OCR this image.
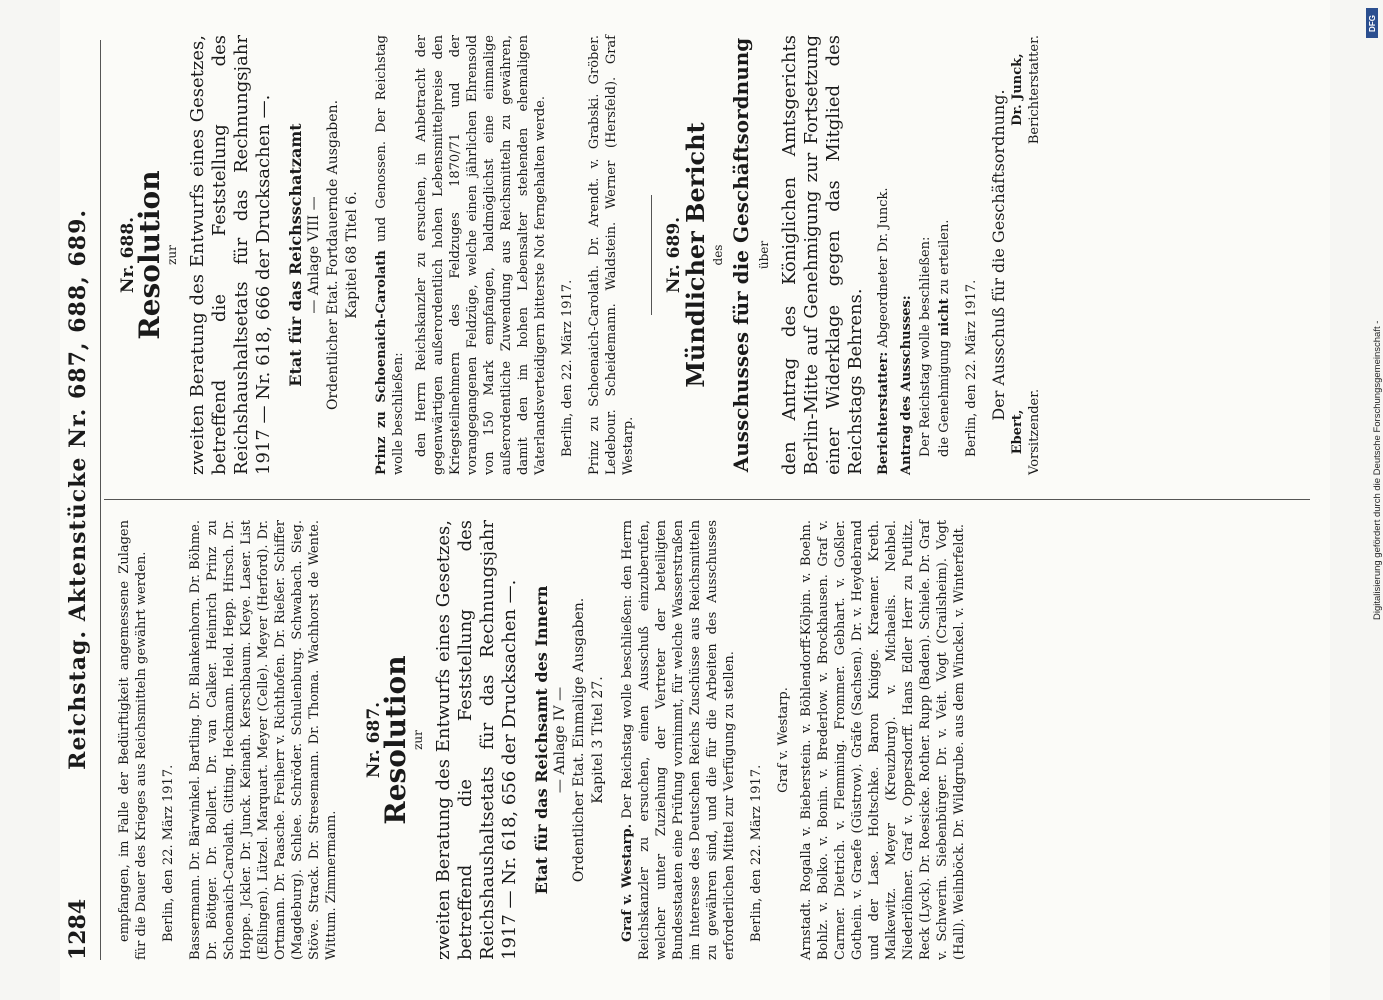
1284
Reichstag. Aktenstücke Nr. 687, 688, 689. empfangen, im Falle der Bedürftigkeit angemessene Zulagen für die Dauer des Krieges aus Reichsmitteln gewährt werden. Berlin, den 22. März 1917. Bassermann. Dr. Bärwinkel. Bartling. Dr. Blankenhorn. Dr. Böhme. Dr. Böttger. Dr. Bollert. Dr. van Calker. Heinrich Prinz zu Schoenaich-Carolath. Gitting. Heckmann. Held. Hepp. Hirsch. Dr. Hoppe. Jckler. Dr. Junck. Keinath. Kerschbaum. Kleye. Laser. List (Eßlingen). Lützel. Marquart. Meyer (Celle). Meyer (Herford). Dr. Ortmann. Dr. Paasche. Freiherr v. Richthofen. Dr. Rießer. Schiffer (Magdeburg). Schlee. Schröder. Schulenburg. Schwabach. Sieg. Stöve. Strack. Dr. Stresemann. Dr. Thoma. Wachhorst de Wente. Wittum. Zimmermann.

Nr. 687.
Resolution zur zweiten Beratung des Entwurfs eines Gesetzes, betreffend die Feststellung des Reichshaushaltsetats für das Rechnungsjahr 1917 — Nr. 618, 656 der Drucksachen —. Etat für das Reichsamt des Innern — Anlage IV — Ordentlicher Etat. Einmalige Ausgaben. Kapitel 3 Titel 27.

Graf v. Westarp. Der Reichstag wolle beschließen: den Herrn Reichskanzler zu ersuchen, einen Ausschuß einzuberufen, welcher unter Zuziehung der Vertreter der beteiligten Bundesstaaten eine Prüfung vornimmt, für welche Wasserstraßen im Interesse des Deutschen Reichs Zuschüsse aus Reichsmitteln zu gewähren sind, und die für die Arbeiten des Ausschusses erforderlichen Mittel zur Verfügung zu stellen. Berlin, den 22. März 1917.

Graf v. Westarp. Arnstadt. Rogalla v. Bieberstein. v. Böhlendorff-Kölpin. v. Boehn. Bohlz. v. Bolko. v. Bonin. v. Brederlow. v. Brockhausen. Graf v. Carmer. Dietrich. v. Flemming. Frommer. Gebhart. v. Goßler. Gothein. v. Graefe (Güstrow). Gräfe (Sachsen). Dr. v. Heydebrand und der Lase. Holtschke. Baron Knigge. Kraemer. Kreth. Malkewitz. Meyer (Kreuzburg). v. Michaelis. Nehbel. Niederlöhner. Graf v. Oppersdorff. Hans Edler Herr zu Putlitz. Reck (Lyck). Dr. Roesicke. Rother. Rupp (Baden). Schiele. Dr. Graf v. Schwerin. Siebenbürger. Dr. v. Veit. Vogt (Crailsheim). Vogt (Hall). Weilnböck. Dr. Wildgrube. aus dem Winckel. v. Winterfeldt.

Nr. 688.
Resolution zur zweiten Beratung des Entwurfs eines Gesetzes, betreffend die Feststellung des Reichshaushaltsetats für das Rechnungsjahr 1917 — Nr. 618, 666 der Drucksachen —. Etat für das Reichsschatzamt — Anlage VIII — Ordentlicher Etat. Fortdauernde Ausgaben. Kapitel 68 Titel 6. Prinz zu Schoenaich-Carolath und Genossen. Der Reichstag wolle beschließen: den Herrn Reichskanzler zu ersuchen, in Anbetracht der gegenwärtigen außerordentlich hohen Lebensmittelpreise den Kriegsteilnehmern des Feldzuges 1870/71 und der vorangegangenen Feldzüge, welche einen jährlichen Ehrensold von 150 Mark empfangen, baldmöglichst eine einmalige außerordentliche Zuwendung aus Reichsmitteln zu gewähren, damit den im hohen Lebensalter stehenden ehemaligen Vaterlandsverteidigern bitterste Not ferngehalten werde. Berlin, den 22. März 1917. Prinz zu Schoenaich-Carolath. Dr. Arendt. v. Grabski. Gröber. Ledebour. Scheidemann. Waldstein. Werner (Hersfeld). Graf Westarp.

Nr. 689.
Mündlicher Bericht des Ausschusses für die Geschäftsordnung über den Antrag des Königlichen Amtsgerichts Berlin-Mitte auf Genehmigung zur Fortsetzung einer Widerklage gegen das Mitglied des Reichstags Behrens. Berichterstatter: Abgeordneter Dr. Junck.

Antrag des Ausschusses: Der Reichstag wolle beschließen: die Genehmigung nicht zu erteilen.

Berlin, den 22. März 1917. Der Ausschuß für die Geschäftsordnung.
Ebert, Vorsitzender.
Dr. Junck, Berichterstatter.
DFG
Digitalisierung gefördert durch die Deutsche Forschungsgemeinschaft -
